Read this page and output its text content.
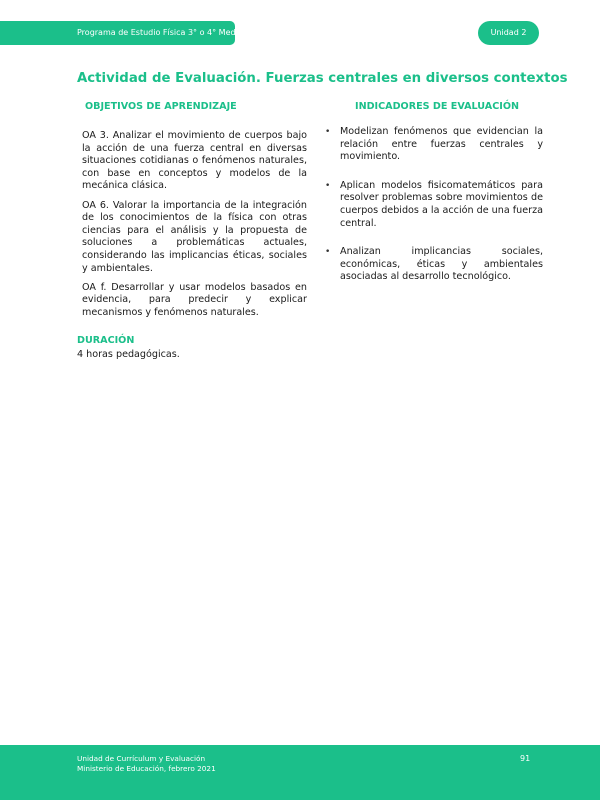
Programa de Estudio Física 3° o 4° Medio	Unidad 2
Actividad de Evaluación. Fuerzas centrales en diversos contextos
OBJETIVOS DE APRENDIZAJE	INDICADORES DE EVALUACIÓN

OA 3. Analizar el movimiento de cuerpos bajo la acción de una fuerza central en diversas situaciones cotidianas o fenómenos naturales, con base en conceptos y modelos de la mecánica clásica.

OA 6. Valorar la importancia de la integración de los conocimientos de la física con otras ciencias para el análisis y la propuesta de soluciones a problemáticas actuales, considerando las implicancias éticas, sociales y ambientales.

OA f. Desarrollar y usar modelos basados en evidencia, para predecir y explicar mecanismos y fenómenos naturales.

• Modelizan fenómenos que evidencian la relación entre fuerzas centrales y movimiento.
• Aplican modelos fisicomatemáticos para resolver problemas sobre movimientos de cuerpos debidos a la acción de una fuerza central.
• Analizan implicancias sociales, económicas, éticas y ambientales asociadas al desarrollo tecnológico.
DURACIÓN
4 horas pedagógicas.
Unidad de Currículum y Evaluación
Ministerio de Educación, febrero 2021
91
